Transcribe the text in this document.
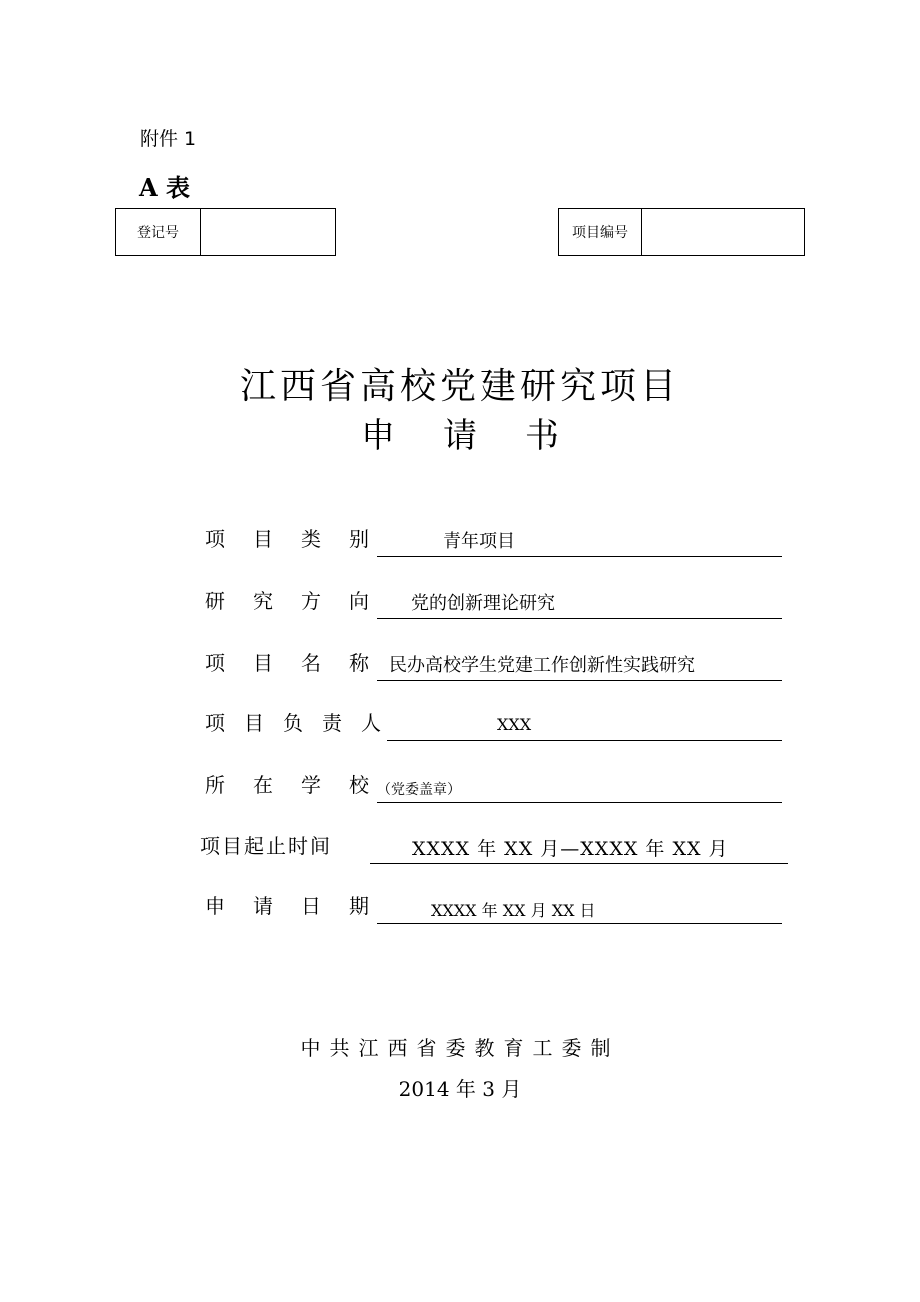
附件 1
A 表
登记号	项目编号
江西省高校党建研究项目
申 请 书
项 目 类 别	青年项目
研 究 方 向 党的创新理论研究
项 目 名 称 民办高校学生党建工作创新性实践研究
项 目 负 责 人	XXX
所 在 学 校 （党委盖章）
项目起止时间	XXXX 年 XX 月—XXXX 年 XX 月
申 请 日 期	XXXX 年 XX 月 XX 日
中共江西省委教育工委制
2014 年 3 月
